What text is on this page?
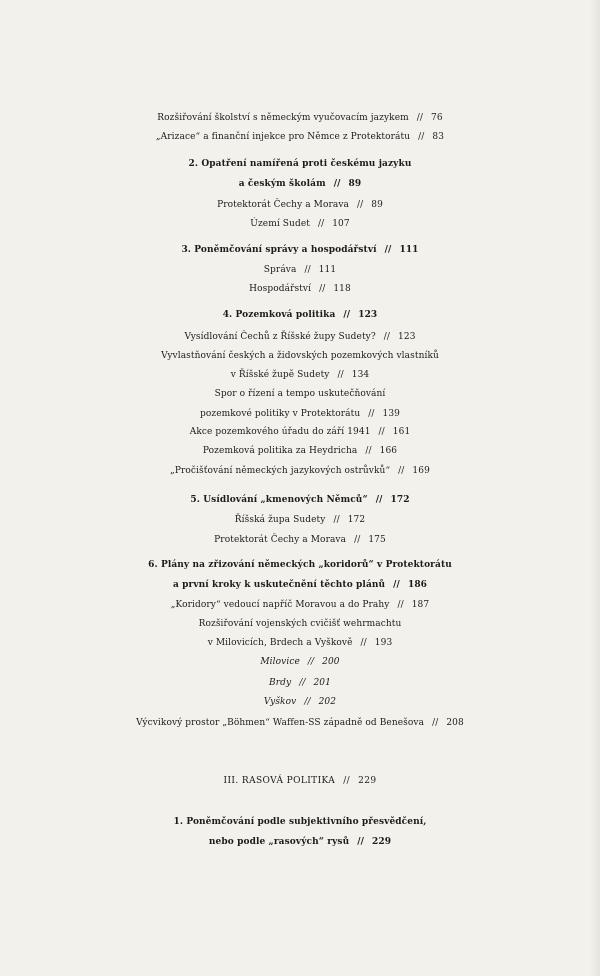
Rozšiřování školství s německým vyučovacím jazykem // 76
„Arizace“ a finanční injekce pro Němce z Protektorátu // 83
2. Opatření namířená proti českému jazyku
a českým školám // 89
Protektorát Čechy a Morava // 89
Území Sudet // 107
3. Poněmčování správy a hospodářství // 111
Správa // 111
Hospodářství // 118
4. Pozemková politika // 123
Vysídlování Čechů z Říšské župy Sudety? // 123
Vyvlastňování českých a židovských pozemkových vlastníků
v Říšské župě Sudety // 134
Spor o řízení a tempo uskutečňování
pozemkové politiky v Protektorátu // 139
Akce pozemkového úřadu do září 1941 // 161
Pozemková politika za Heydricha // 166
„Pročišťování německých jazykových ostrůvků“ // 169
5. Usídlování „kmenových Němců“ // 172
Říšská župa Sudety // 172
Protektorát Čechy a Morava // 175
6. Plány na zřizování německých „koridorů“ v Protektorátu
a první kroky k uskutečnění těchto plánů // 186
„Koridory“ vedoucí napříč Moravou a do Prahy // 187
Rozšiřování vojenských cvičišť wehrmachtu
v Milovicích, Brdech a Vyškově // 193
Milovice // 200
Brdy // 201
Vyškov // 202
Výcvikový prostor „Böhmen“ Waffen-SS západně od Benešova // 208
III. RASOVÁ POLITIKA // 229
1. Poněmčování podle subjektivního přesvědčení,
nebo podle „rasových“ rysů // 229
